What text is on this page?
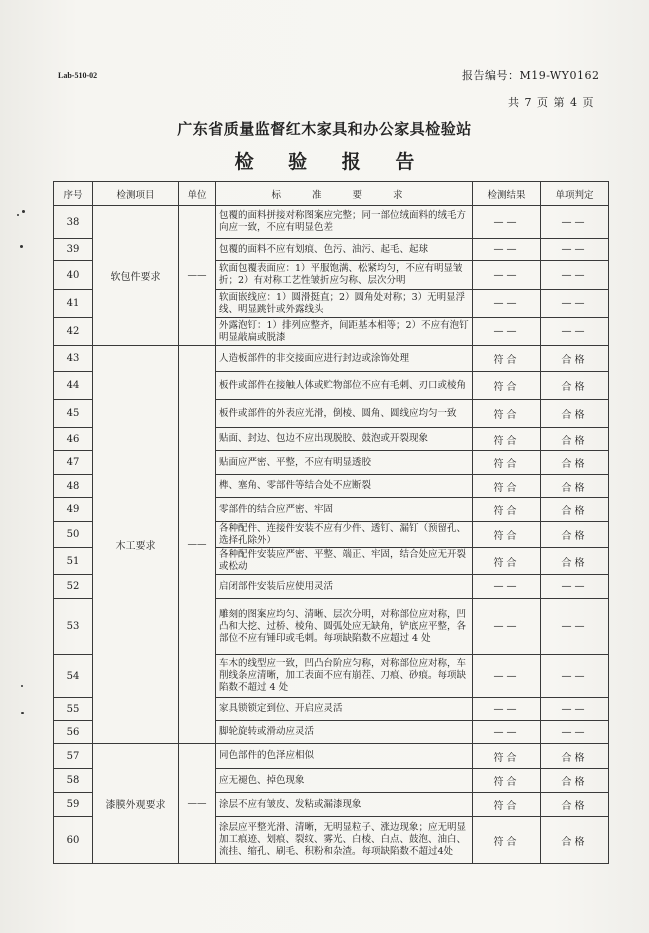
Lab-510-02	报告编号：M19-WY0162
共 7 页 第 4 页
广东省质量监督红木家具和办公家具检验站
检 验 报 告
序号	检测项目	单位	标 准 要 求	检测结果	单项判定
38	软包件要求	——	包覆的面料拼接对称图案应完整；同一部位绒面料的绒毛方向应一致，不应有明显色差	——	——
39			包覆的面料不应有划痕、色污、油污、起毛、起球	——	——
40			软面包覆表面应：1）平服饱满、松紧均匀，不应有明显皱折；2）有对称工艺性皱折应匀称、层次分明	——	——
41			软面嵌线应：1）圆滑挺直；2）圆角处对称；3）无明显浮线、明显跳针或外露线头	——	——
42			外露泡钉：1）排列应整齐，间距基本相等；2）不应有泡钉明显敲扁或脱漆	——	——
43	木工要求	——	人造板部件的非交接面应进行封边或涂饰处理	符合	合格
44			板件或部件在接触人体或贮物部位不应有毛刺、刃口或棱角	符合	合格
45			板件或部件的外表应光滑，倒棱、圆角、圆线应均匀一致	符合	合格
46			贴面、封边、包边不应出现脱胶、鼓泡或开裂现象	符合	合格
47			贴面应严密、平整，不应有明显透胶	符合	合格
48			榫、塞角、零部件等结合处不应断裂	符合	合格
49			零部件的结合应严密、牢固	符合	合格
50			各种配件、连接件安装不应有少件、透钉、漏钉（预留孔、选择孔除外）	符合	合格
51			各种配件安装应严密、平整、端正、牢固，结合处应无开裂或松动	符合	合格
52			启闭部件安装后应使用灵活	——	——
53			雕刻的图案应均匀、清晰、层次分明，对称部位应对称，凹凸和大挖、过桥、棱角、圆弧处应无缺角，铲底应平整，各部位不应有锤印或毛刺。每项缺陷数不应超过 4 处	——	——
54			车木的线型应一致，凹凸台阶应匀称，对称部位应对称，车削线条应清晰，加工表面不应有崩茬、刀痕、砂痕。每项缺陷数不超过 4 处	——	——
55			家具锁锁定到位、开启应灵活	——	——
56			脚轮旋转或滑动应灵活	——	——
57	漆膜外观要求	——	同色部件的色泽应相似	符合	合格
58			应无褪色、掉色现象	符合	合格
59			涂层不应有皱皮、发粘或漏漆现象	符合	合格
60			涂层应平整光滑、清晰，无明显粒子、涨边现象；应无明显加工痕迹、划痕、裂纹、雾光、白棱、白点、鼓泡、油白、流挂、缩孔、刷毛、积粉和杂渣。每项缺陷数不超过4处	符合	合格
